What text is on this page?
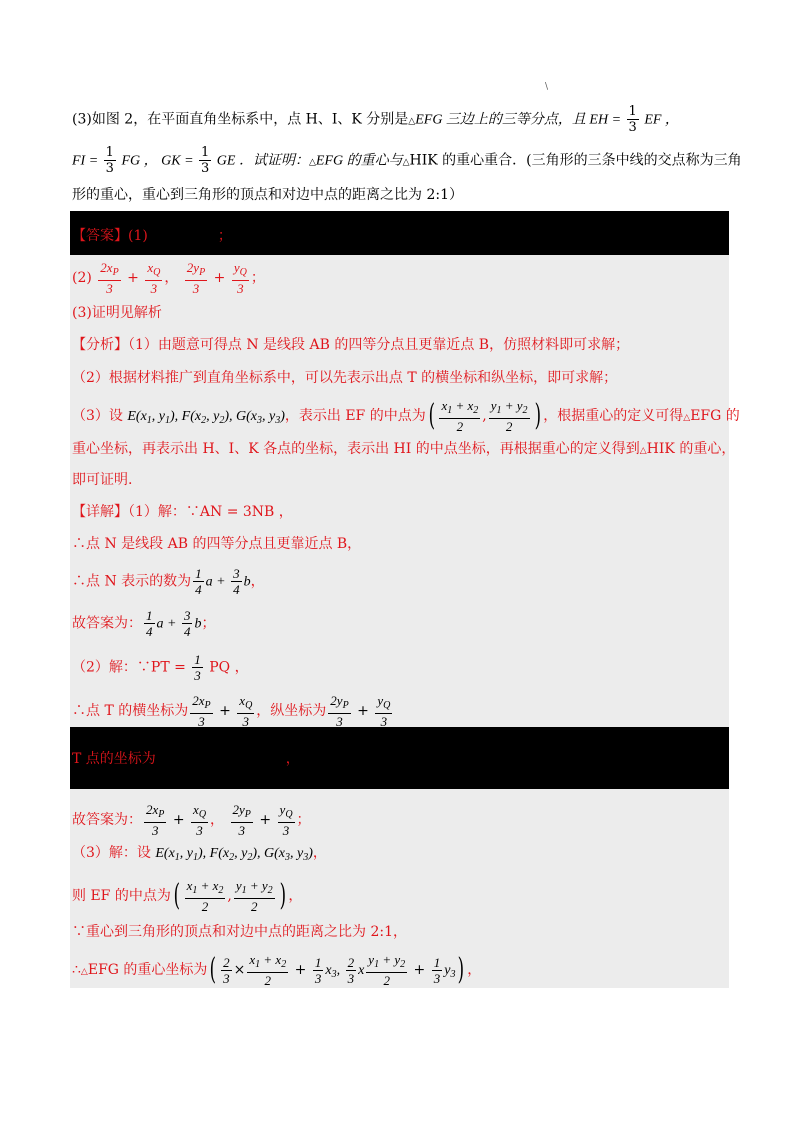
\
(3)如图 2，在平面直角坐标系中，点 H、I、K 分别是△EFG 三边上的三等分点，且 EH = $\frac{1}{3}$ EF ，
FI = $\frac{1}{3}$ FG ， GK = $\frac{1}{3}$ GE ．试证明：△EFG 的重心与△HIK 的重心重合．(三角形的三条中线的交点称为三角
形的重心，重心到三角形的顶点和对边中点的距离之比为 2:1）
【答案】(1)	；
$(2) \frac{2x_P}{3} + \frac{x_Q}{3}$ ， $\frac{2y_P}{3} + \frac{y_Q}{3}$ ；
(3)证明见解析
【分析】（1）由题意可得点 N 是线段 AB 的四等分点且更靠近点 B，仿照材料即可求解；
（2）根据材料推广到直角坐标系中，可以先表示出点 T 的横坐标和纵坐标，即可求解；
（3）设 $E(x_1$, $y_1$), $F(x_2$, $y_2$), $G(x_3$, $y_3$)，表示出 EF 的中点为( $\frac{x_1 + x_2}{2}$ , $\frac{y_1 + y_2}{2}$ ) ，根据重心的定义可得△EFG 的
重心坐标，再表示出 H、I、K 各点的坐标，表示出 HI 的中点坐标，再根据重心的定义得到△HIK 的重心，
即可证明.
【详解】（1）解：∵AN = 3NB ，
∴点 N 是线段 AB 的四等分点且更靠近点 B，
∴点 N 表示的数为 $\frac{1}{4}$ $a + \frac{3}{4}$ b，
故答案为： $\frac{1}{4}$ $a + \frac{3}{4}$ b；
（2）解：∵PT = $\frac{1}{3}$ PQ ，
∴点 T 的横坐标为 $\frac{2x_P}{3} + \frac{x_Q}{3}$ ，纵坐标为 $\frac{2y_P}{3} + \frac{y_Q}{3}$
T 点的坐标为	，
故答案为： $\frac{2x_P}{3} + \frac{x_Q}{3}$ ， $\frac{2y_P}{3} + \frac{y_Q}{3}$ ；
（3）解：设 $E(x_1$, $y_1$), $F(x_2$, $y_2$), $G(x_3$, $y_3$)，
则 EF 的中点为( $\frac{x_1 + x_2}{2}$ , $\frac{y_1 + y_2}{2}$ ) ，
∵重心到三角形的顶点和对边中点的距离之比为 2:1，
∴△EFG 的重心坐标为( $\frac{2}{3} \times \frac{x_1 + x_2}{2} + \frac{1}{3} x_3$, $\frac{2}{3}$ x $\frac{y_1 + y_2}{2} + \frac{1}{3} y_3$) ，
